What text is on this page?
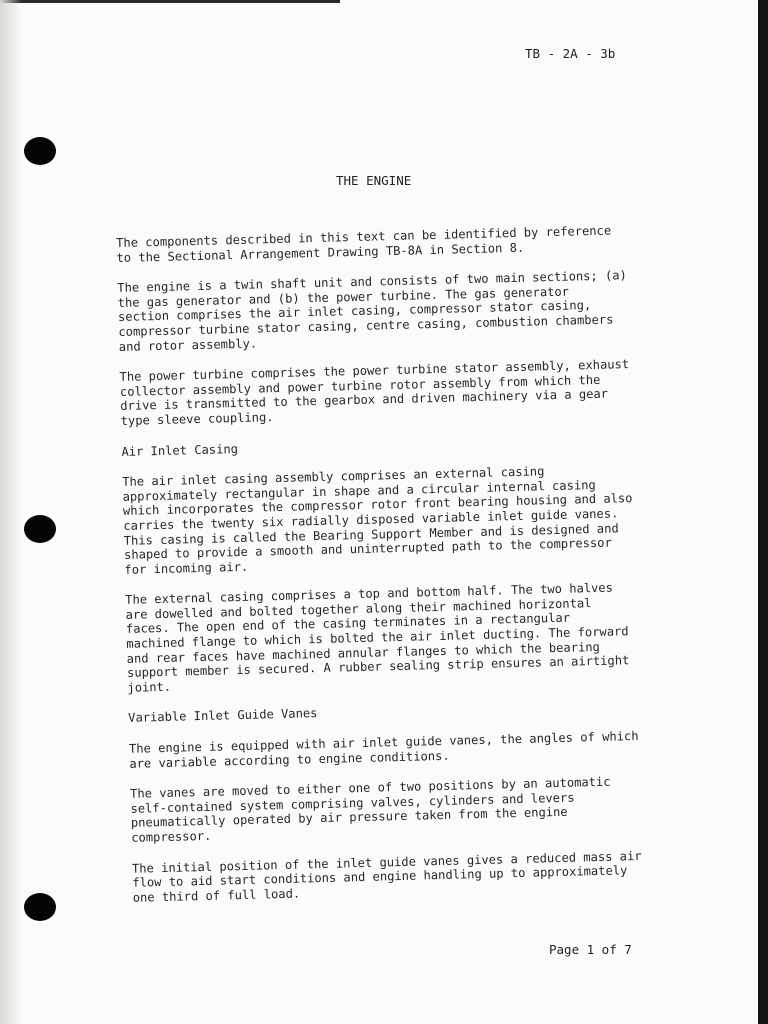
TB - 2A - 3b
THE ENGINE

The components described in this text can be identified by reference
to the Sectional Arrangement Drawing TB-8A in Section 8.

The engine is a twin shaft unit and consists of two main sections; (a)
the gas generator and (b) the power turbine. The gas generator
section comprises the air inlet casing, compressor stator casing,
compressor turbine stator casing, centre casing, combustion chambers
and rotor assembly.

The power turbine comprises the power turbine stator assembly, exhaust
collector assembly and power turbine rotor assembly from which the
drive is transmitted to the gearbox and driven machinery via a gear
type sleeve coupling.

Air Inlet Casing

The air inlet casing assembly comprises an external casing
approximately rectangular in shape and a circular internal casing
which incorporates the compressor rotor front bearing housing and also
carries the twenty six radially disposed variable inlet guide vanes.
This casing is called the Bearing Support Member and is designed and
shaped to provide a smooth and uninterrupted path to the compressor
for incoming air.

The external casing comprises a top and bottom half. The two halves
are dowelled and bolted together along their machined horizontal
faces. The open end of the casing terminates in a rectangular
machined flange to which is bolted the air inlet ducting. The forward
and rear faces have machined annular flanges to which the bearing
support member is secured. A rubber sealing strip ensures an airtight
joint.

Variable Inlet Guide Vanes

The engine is equipped with air inlet guide vanes, the angles of which
are variable according to engine conditions.

The vanes are moved to either one of two positions by an automatic
self-contained system comprising valves, cylinders and levers
pneumatically operated by air pressure taken from the engine
compressor.

The initial position of the inlet guide vanes gives a reduced mass air
flow to aid start conditions and engine handling up to approximately
one third of full load.

Page 1 of 7
